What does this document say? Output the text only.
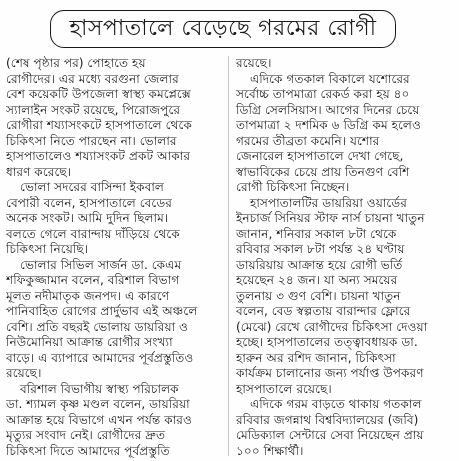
হাসপাতালে বেড়েছে গরমের রোগী
(শেষ পৃষ্ঠার পর) পোহাতে হয়
রোগীদের। এর মধ্যে বরগুনা জেলার
বেশ কয়েকটি উপজেলা স্বাস্থ্য কমপ্লেক্সে
স্যালাইন সংকট রয়েছে, পিরোজপুরে
রোগীরা শয্যাসংকটে হাসপাতালে থেকে
চিকিৎসা নিতে পারছেন না। ভোলার
হাসপাতালেও শয্যাসংকট প্রকট আকার
ধারণ করেছে।
ভোলা সদরের বাসিন্দা ইকবাল
বেপারী বলেন, হাসপাতালে বেডের
অনেক সংকট। আমি দুদিন ছিলাম।
বলতে গেলে বারান্দায় দাঁড়িয়ে থেকে
চিকিৎসা নিয়েছি।
ভোলার সিভিল সার্জন ডা. কেএম
শফিকুজ্জামান বলেন, বরিশাল বিভাগ
মূলত নদীমাতৃক জনপদ। এ কারণে
পানিবাহিত রোগের প্রার্দুভাব এই অঞ্চলে
বেশি। প্রতি বছরই ভোলায় ডায়রিয়া ও
নিউমোনিয়া আক্রান্ত রোগীর সংখ্যা
বাড়ে। এ ব্যাপারে আমাদের পূর্বপ্রস্তুতিও
রয়েছে।
বরিশাল বিভাগীয় স্বাস্থ্য পরিচালক
ডা. শ্যামল কৃষ্ণ মণ্ডল বলেন, ডায়রিয়া
আক্রান্ত হয়ে বিভাগে এখন পর্যন্ত কারও
মৃত্যুর সংবাদ নেই। রোগীদের দ্রুত
চিকিৎসা দিতে আমাদের পূর্বপ্রস্তুতি
রয়েছে।
এদিকে গতকাল বিকালে যশোরের
সর্বোচ্চ তাপমাত্রা রেকর্ড করা হয় ৪০
ডিগ্রি সেলসিয়াস। আগের দিনের চেয়ে
তাপমাত্রা ২ দশমিক ৬ ডিগ্রি কম হলেও
গরমের তীব্রতা কমেনি। যশোর
জেনারেল হাসপাতালে দেখা গেছে,
স্বাভাবিকের চেয়ে প্রায় তিনগুণ বেশি
রোগী চিকিৎসা নিচ্ছেন।
হাসপাতালটির ডায়রিয়া ওয়ার্ডের
ইনচার্জ সিনিয়র স্টাফ নার্স চায়না খাতুন
জানান, শনিবার সকাল ৮টা থেকে
রবিবার সকাল ৮টা পর্যন্ত ২৪ ঘণ্টায়
ডায়রিয়ায় আক্রান্ত হয়ে রোগী ভর্তি
হয়েছেন ২৪ জন। যা অন্য সময়ের
তুলনায় ৩ গুণ বেশি। চায়না খাতুন
বলেন, বেড স্বল্পতায় বারান্দার ফ্লোরে
(মেঝে) রেখে রোগীদের চিকিৎসা দেওয়া
হচ্ছে। হাসপাতালের তত্ত্বাবধায়ক ডা.
হারুন অর রশিদ জানান, চিকিৎসা
কার্যক্রম চালানোর জন্য পর্যাপ্ত উপকরণ
হাসপাতালে রয়েছে।
এদিকে গরম বাড়তে থাকায় গতকাল
রবিবার জগন্নাথ বিশ্ববিদ্যালয়ের (জবি)
মেডিক্যাল সেন্টারে সেবা নিয়েছেন প্রায়
১০০ শিক্ষার্থী।
